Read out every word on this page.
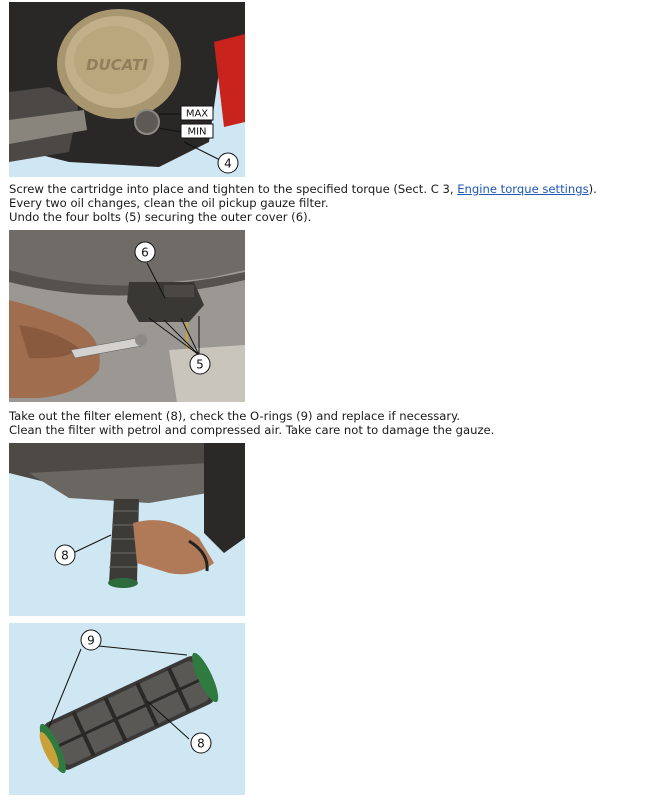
DUCATI
MAX
MIN
4
Screw the cartridge into place and tighten to the specified torque (Sect. C 3, Engine torque settings).
Every two oil changes, clean the oil pickup gauze filter.
Undo the four bolts (5) securing the outer cover (6).
6
5
Take out the filter element (8), check the O-rings (9) and replace if necessary.
Clean the filter with petrol and compressed air. Take care not to damage the gauze.
8
9
8
